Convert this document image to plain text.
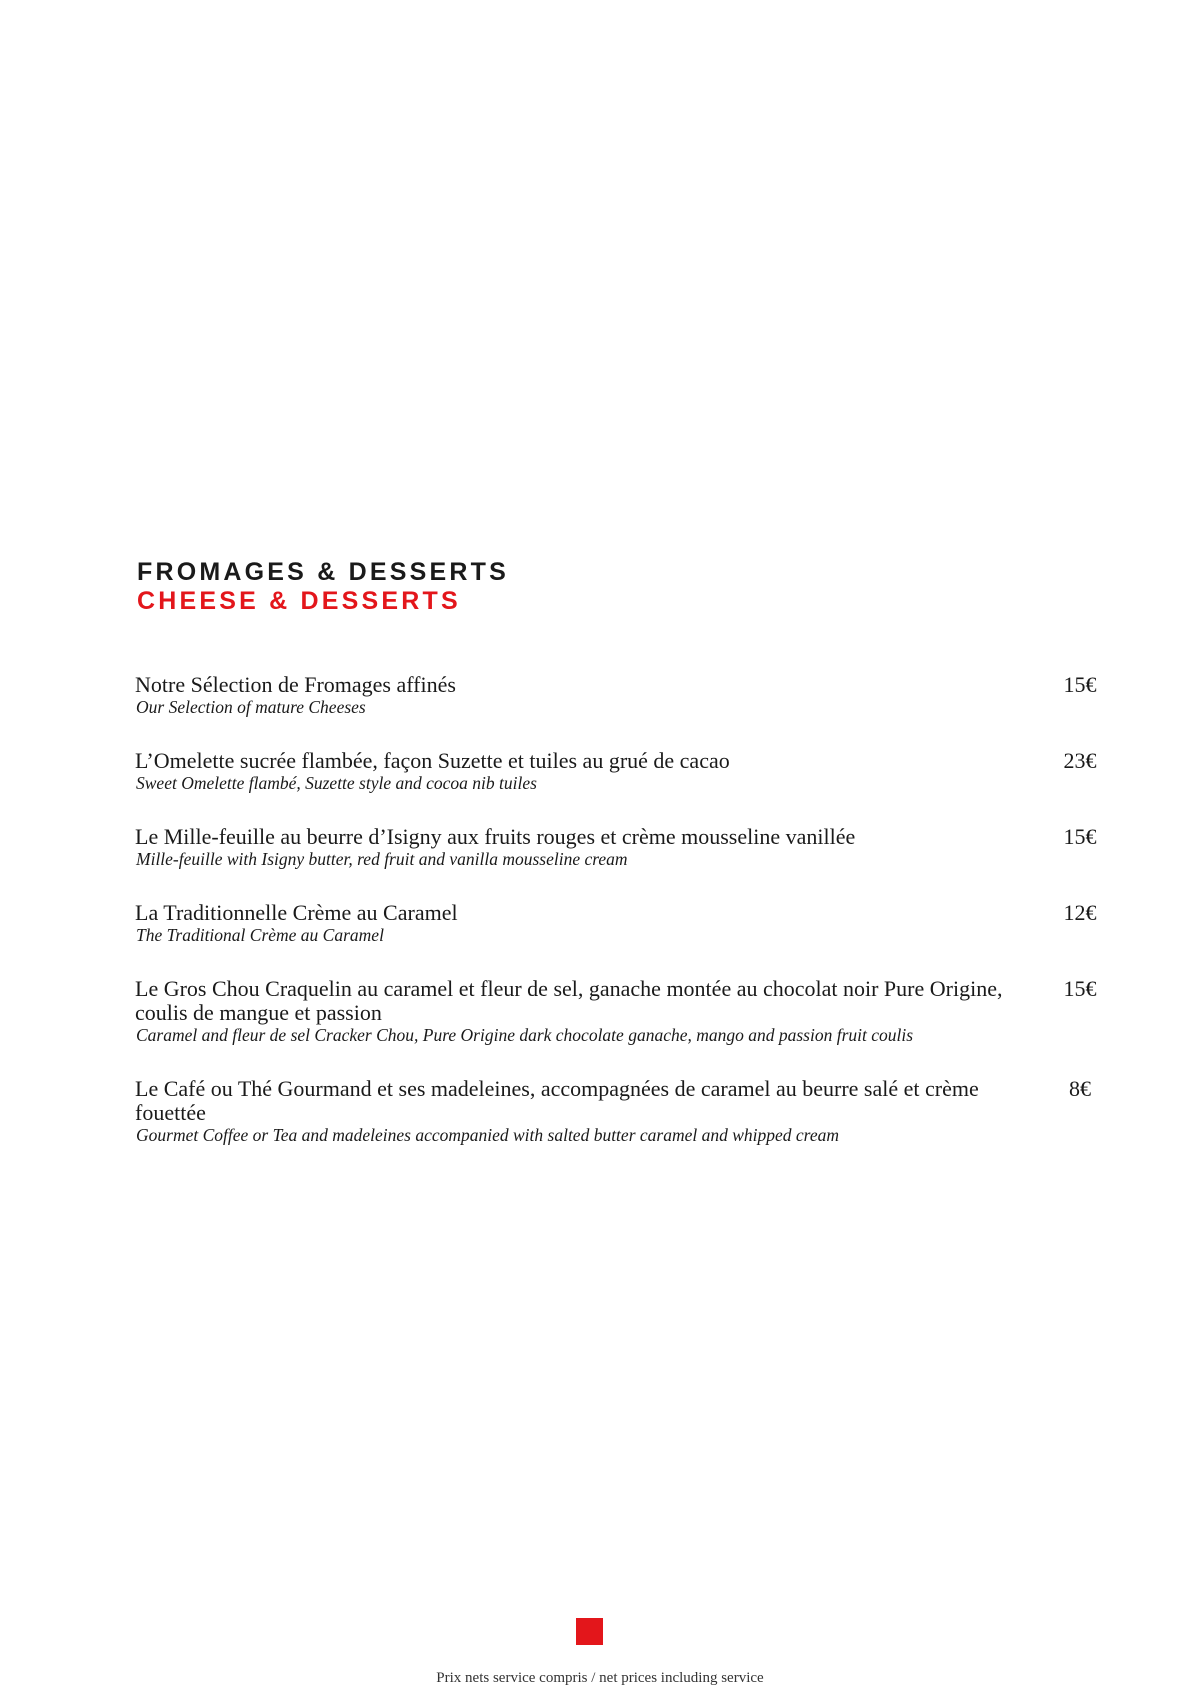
FROMAGES & DESSERTS
CHEESE & DESSERTS

Notre Sélection de Fromages affinés

Our Selection of mature Cheeses

15€

L’Omelette sucrée flambée, façon Suzette et tuiles au grué de cacao

Sweet Omelette flambé, Suzette style and cocoa nib tuiles

23€

Le Mille-feuille au beurre d’Isigny aux fruits rouges et crème mousseline vanillée

Mille-feuille with Isigny butter, red fruit and vanilla mousseline cream

15€

La Traditionnelle Crème au Caramel

The Traditional Crème au Caramel

12€

Le Gros Chou Craquelin au caramel et fleur de sel, ganache montée au chocolat noir Pure Origine, coulis de mangue et passion

Caramel and fleur de sel Cracker Chou, Pure Origine dark chocolate ganache, mango and passion fruit coulis

15€

Le Café ou Thé Gourmand et ses madeleines, accompagnées de caramel au beurre salé et crème fouettée

Gourmet Coffee or Tea and madeleines accompanied with salted butter caramel and whipped cream

8€
Prix nets service compris / net prices including service
